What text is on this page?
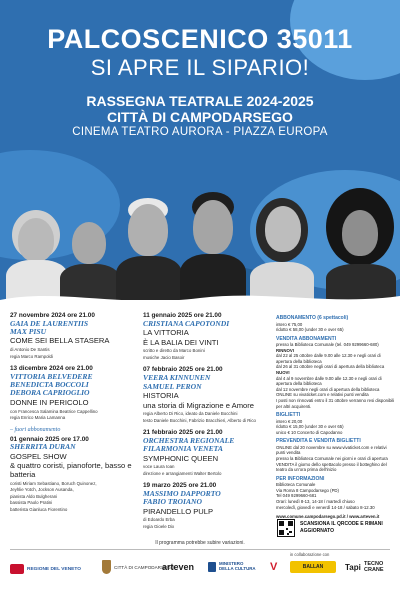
PALCOSCENICO 35011
SI APRE IL SIPARIO!
RASSEGNA TEATRALE 2024-2025
CITTÀ DI CAMPODARSEGO
CINEMA TEATRO AURORA - PIAZZA EUROPA
27 novembre 2024 ore 21.00
GAIA DE LAURENTIIS
MAX PISU
COME SEI BELLA STASERA
di Antonio De Santis
regia Marco Rampoldi
13 dicembre 2024 ore 21.00
VITTORIA BELVEDERE
BENEDICTA BOCCOLI
DEBORA CAPRIOGLIO
DONNE IN PERICOLO
con Francesca Salamina Beatrice Cappellino
regia Enrico Maria Lamanna
– fuori abbonamento
01 gennaio 2025 ore 17.00
SHERRITA DURAN
GOSPEL SHOW
& quattro coristi, pianoforte, basso e batteria
coristi Miriam Sebastiano, Boruch Quinonez,
Jeyhlie Yotch, Jockson Ausanda,
pianista Aldo Bulgherani
bassista Paolo Pratini
batterista Gianluca Fiorentino
11 gennaio 2025 ore 21.00
CRISTIANA CAPOTONDI
LA VITTORIA
È LA BALIA DEI VINTI
scritto e diretto da Marco Bonini
musiche Jacio Basoir
07 febbraio 2025 ore 21.00
VEERA KINNUNEN
SAMUEL PERON
HISTORIA
una storia di Migrazione e Amore
regia Alberto Di Rico, ideato da Daniele Bocchini
testo Daniele Bocchini, Fabrizio Bracchieri, Alberto di Rico
21 febbraio 2025 ore 21.00
ORCHESTRA REGIONALE
FILARMONIA VENETA
SYMPHONIC QUEEN
voce Laura Ioan
direzione e arrangiamenti Walter Bertolo
19 marzo 2025 ore 21.00
MASSIMO DAPPORTO
FABIO TROIANO
PIRANDELLO PULP
di Edoardo Erba
regia Gioele Dix
ABBONAMENTO (6 spettacoli)
intero € 75,00
ridotto € 58,00 (under 30 e over 65)
VENDITA ABBONAMENTI
presso la Biblioteca Comunale (tel. 049 9299660-680)
RINNOVI
dal 22 al 25 ottobre dalle 9.00 alle 12.30 e negli orari di apertura della biblioteca
dal 26 al 31 ottobre negli orari di apertura della biblioteca
NUOVI
dal 4 al 9 novembre dalle 9.00 alle 12.30 e negli orari di apertura della biblioteca
dal 12 novembre negli orari di apertura della biblioteca
ONLINE su vivaticket.com e relativi punti vendita
I posti non rinnovati entro il 31 ottobre verranno resi disponibili per altri acquirenti.
BIGLIETTI
intero € 20,00
ridotto € 15,00 (under 30 e over 65)
unico € 10 Concerto di Capodanno
PREVENDITA E VENDITA BIGLIETTI
ONLINE dal 20 novembre su www.vivaticket.com e relativi punti vendita
presso la Biblioteca Comunale nei giorni e orari di apertura
VENDITA il giorno dello spettacolo presso il botteghino del teatro da un'ora prima dell'inizio
PER INFORMAZIONI
Biblioteca Comunale
Via Roma 8 Campodarsego (PD)
Tel 049 9299660-681
Orari: lunedì 8-13, 14-18 / martedì chiuso
mercoledì, giovedì e venerdì 14-18 / sabato 8-12.30
www.comune.campodarsego.pd.it / www.arteven.it
SCANSIONA IL QRCODE E RIMANI AGGIORNATO
Il programma potrebbe subire variazioni.
REGIONE DEL VENETO	CITTÀ DI CAMPODARSEGO
arteven	MINISTERO DELLA CULTURA	V
in collaborazione con
BALLAN	Tapi TECNO CRANE
